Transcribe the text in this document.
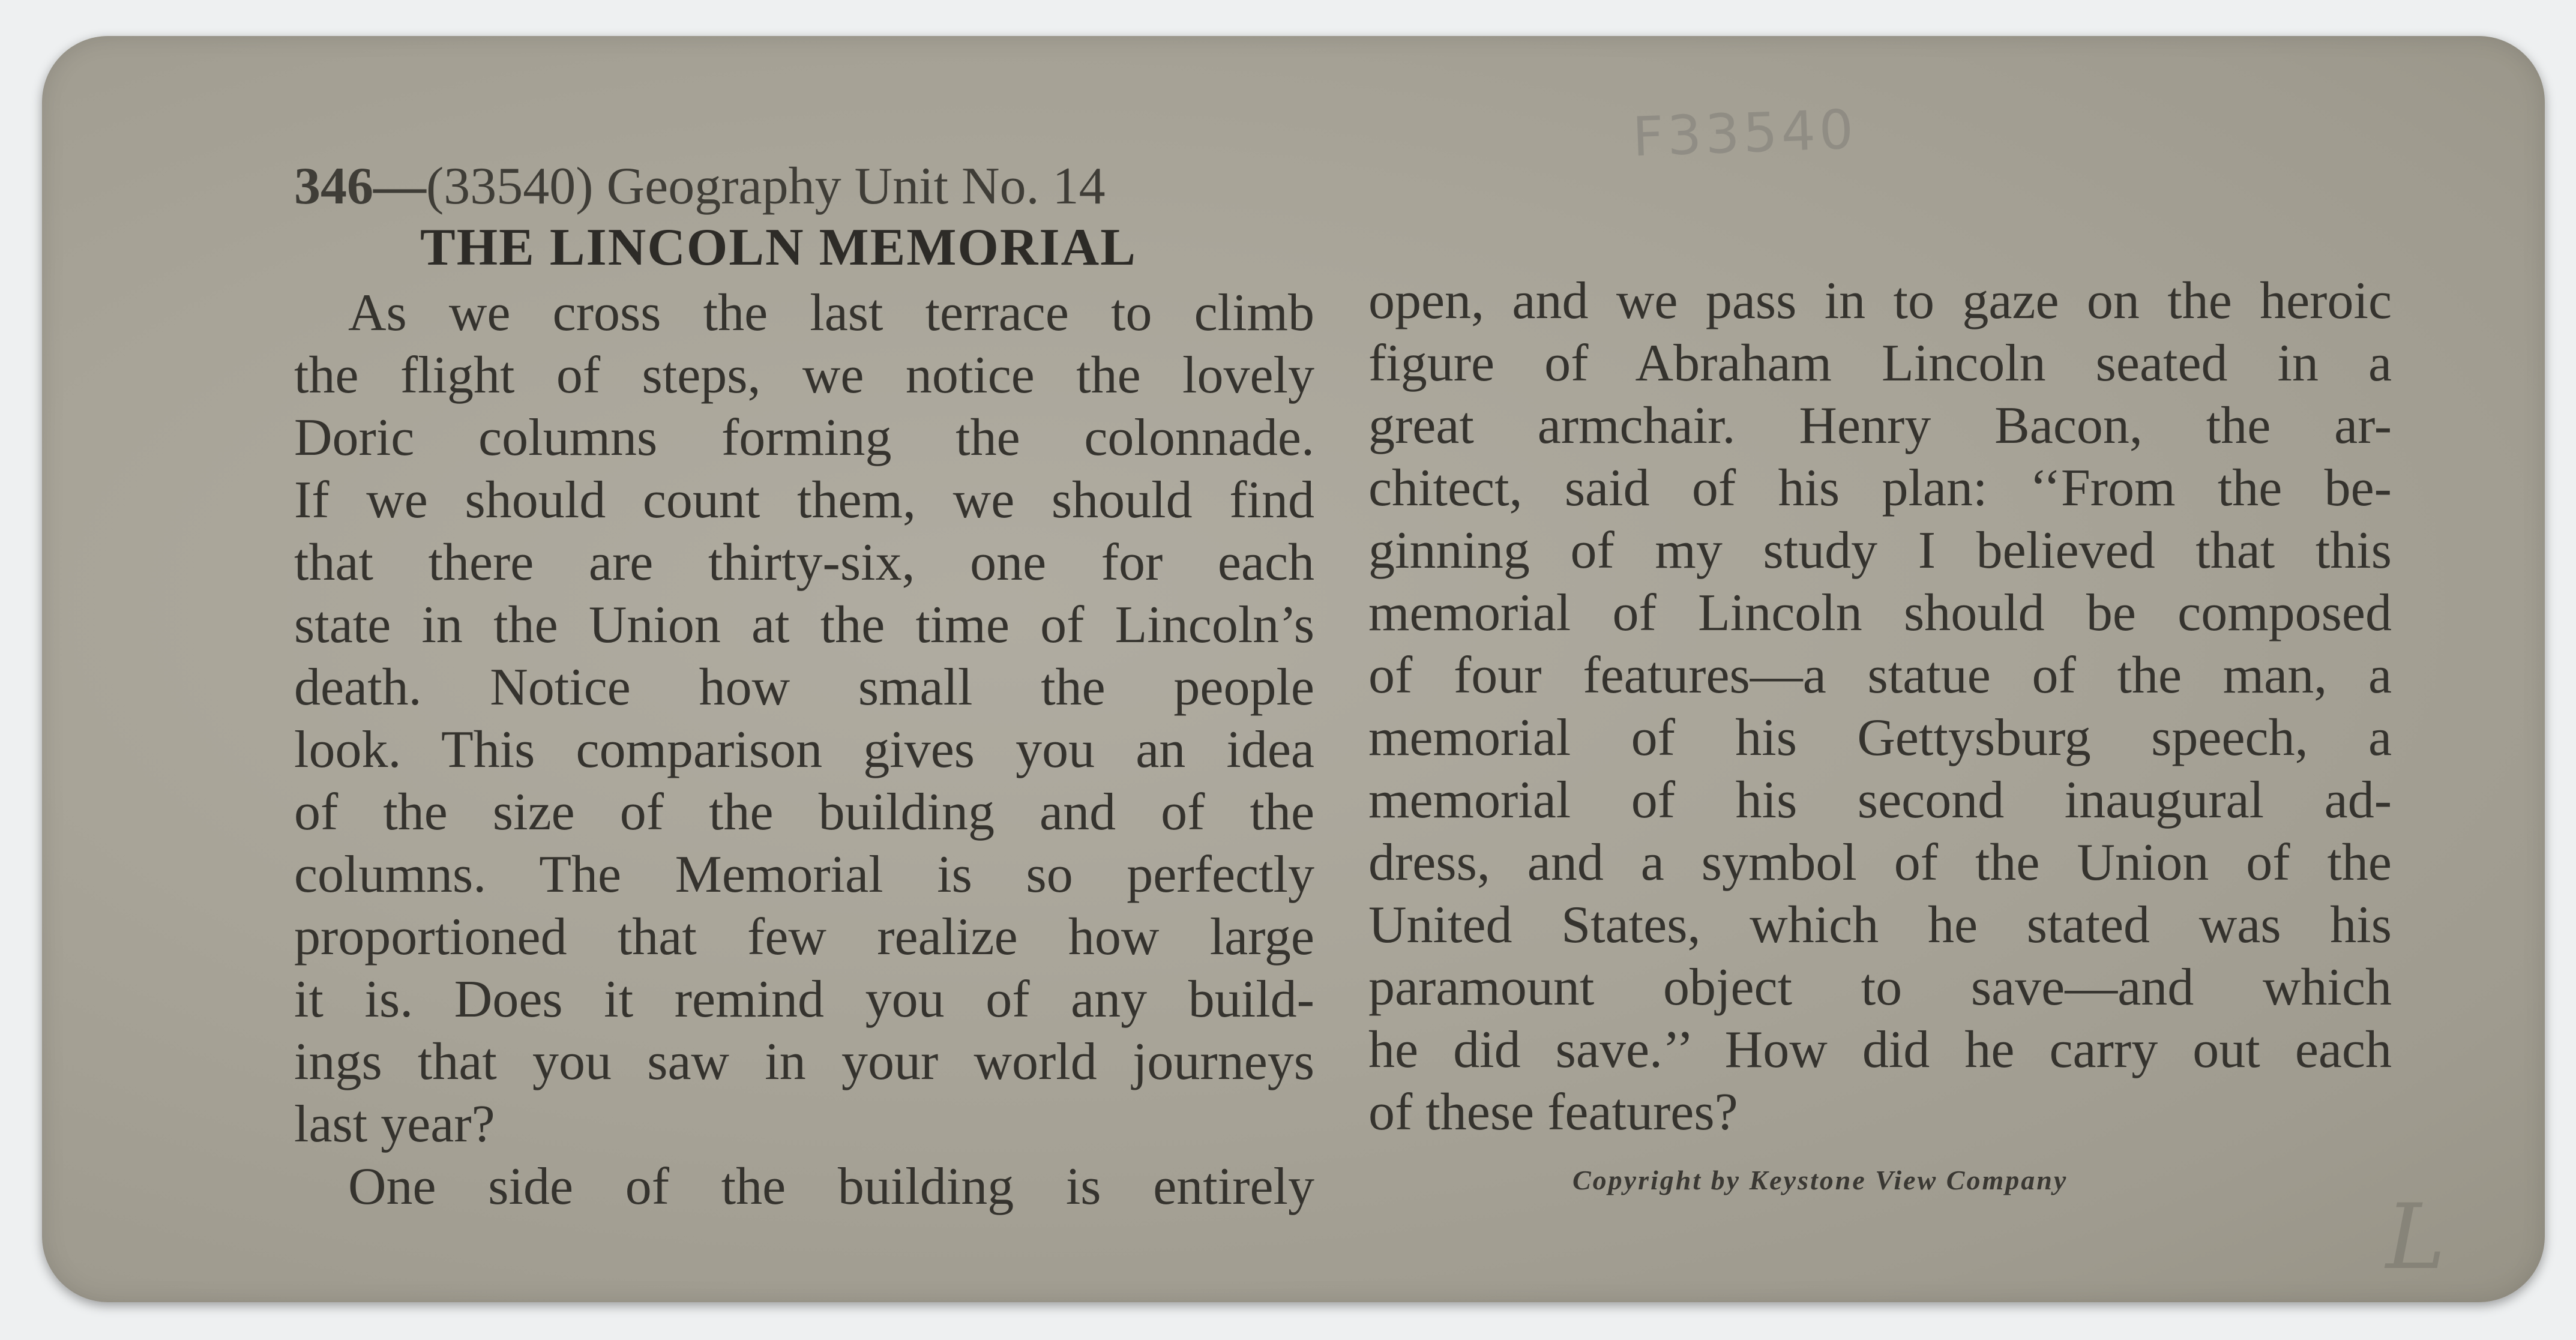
F33540
346—(33540) Geography Unit No. 14
THE LINCOLN MEMORIAL
As we cross the last terrace to climb
the flight of steps, we notice the lovely
Doric columns forming the colonnade.
If we should count them, we should find
that there are thirty-six, one for each
state in the Union at the time of Lincoln’s
death. Notice how small the people
look. This comparison gives you an idea
of the size of the building and of the
columns. The Memorial is so perfectly
proportioned that few realize how large
it is. Does it remind you of any build-
ings that you saw in your world journeys
last year?
One side of the building is entirely
open, and we pass in to gaze on the heroic
figure of Abraham Lincoln seated in a
great armchair. Henry Bacon, the ar-
chitect, said of his plan: ‘‘From the be-
ginning of my study I believed that this
memorial of Lincoln should be composed
of four features—a statue of the man, a
memorial of his Gettysburg speech, a
memorial of his second inaugural ad-
dress, and a symbol of the Union of the
United States, which he stated was his
paramount object to save—and which
he did save.’’ How did he carry out each
of these features?
Copyright by Keystone View Company
L
